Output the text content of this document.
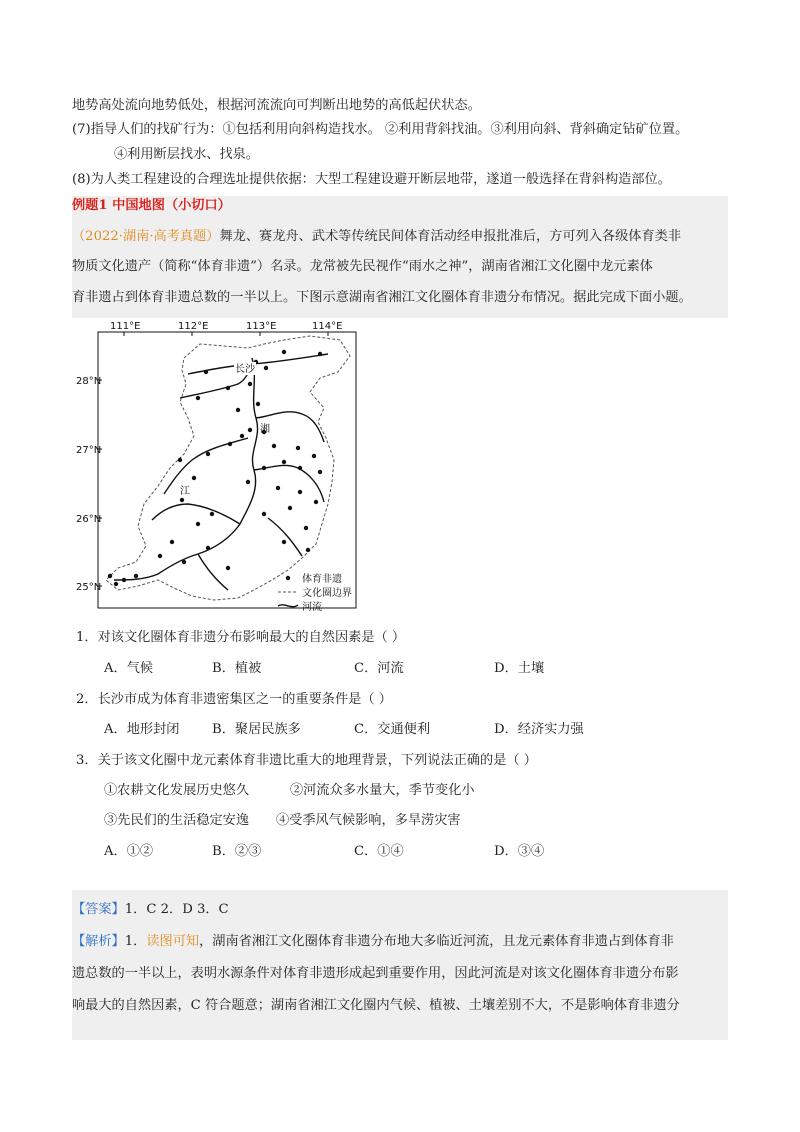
地势高处流向地势低处，根据河流流向可判断出地势的高低起伏状态。
(7)指导人们的找矿行为：①包括利用向斜构造找水。 ②利用背斜找油。③利用向斜、背斜确定钻矿位置。
④利用断层找水、找泉。
(8)为人类工程建设的合理选址提供依据：大型工程建设避开断层地带，遂道一般选择在背斜构造部位。
例题1 中国地图（小切口）
（2022·湖南·高考真题）舞龙、赛龙舟、武术等传统民间体育活动经申报批准后，方可列入各级体育类非
物质文化遗产（简称“体育非遗”）名录。龙常被先民视作“雨水之神”，湖南省湘江文化圈中龙元素体
育非遗占到体育非遗总数的一半以上。下图示意湖南省湘江文化圈体育非遗分布情况。据此完成下面小题。
111°E	112°E	113°E	114°E
28°N
27°N
26°N
25°N
长沙
湘
江
体育非遗
文化圈边界
河流
1．对该文化圈体育非遗分布影响最大的自然因素是（ ）
A．气候	B．植被	C．河流	D．土壤
2．长沙市成为体育非遗密集区之一的重要条件是（ ）
A．地形封闭 B．聚居民族多	C．交通便利	D．经济实力强
3．关于该文化圈中龙元素体育非遗比重大的地理背景，下列说法正确的是（ ）
①农耕文化发展历史悠久	②河流众多水量大，季节变化小
③先民们的生活稳定安逸 ④受季风气候影响，多旱涝灾害
A．①②	B．②③	C．①④	D．③④
【答案】1．C 2．D 3．C
【解析】1．读图可知，湖南省湘江文化圈体育非遗分布地大多临近河流，且龙元素体育非遗占到体育非
遗总数的一半以上，表明水源条件对体育非遗形成起到重要作用，因此河流是对该文化圈体育非遗分布影
响最大的自然因素，C 符合题意；湖南省湘江文化圈内气候、植被、土壤差别不大，不是影响体育非遗分
